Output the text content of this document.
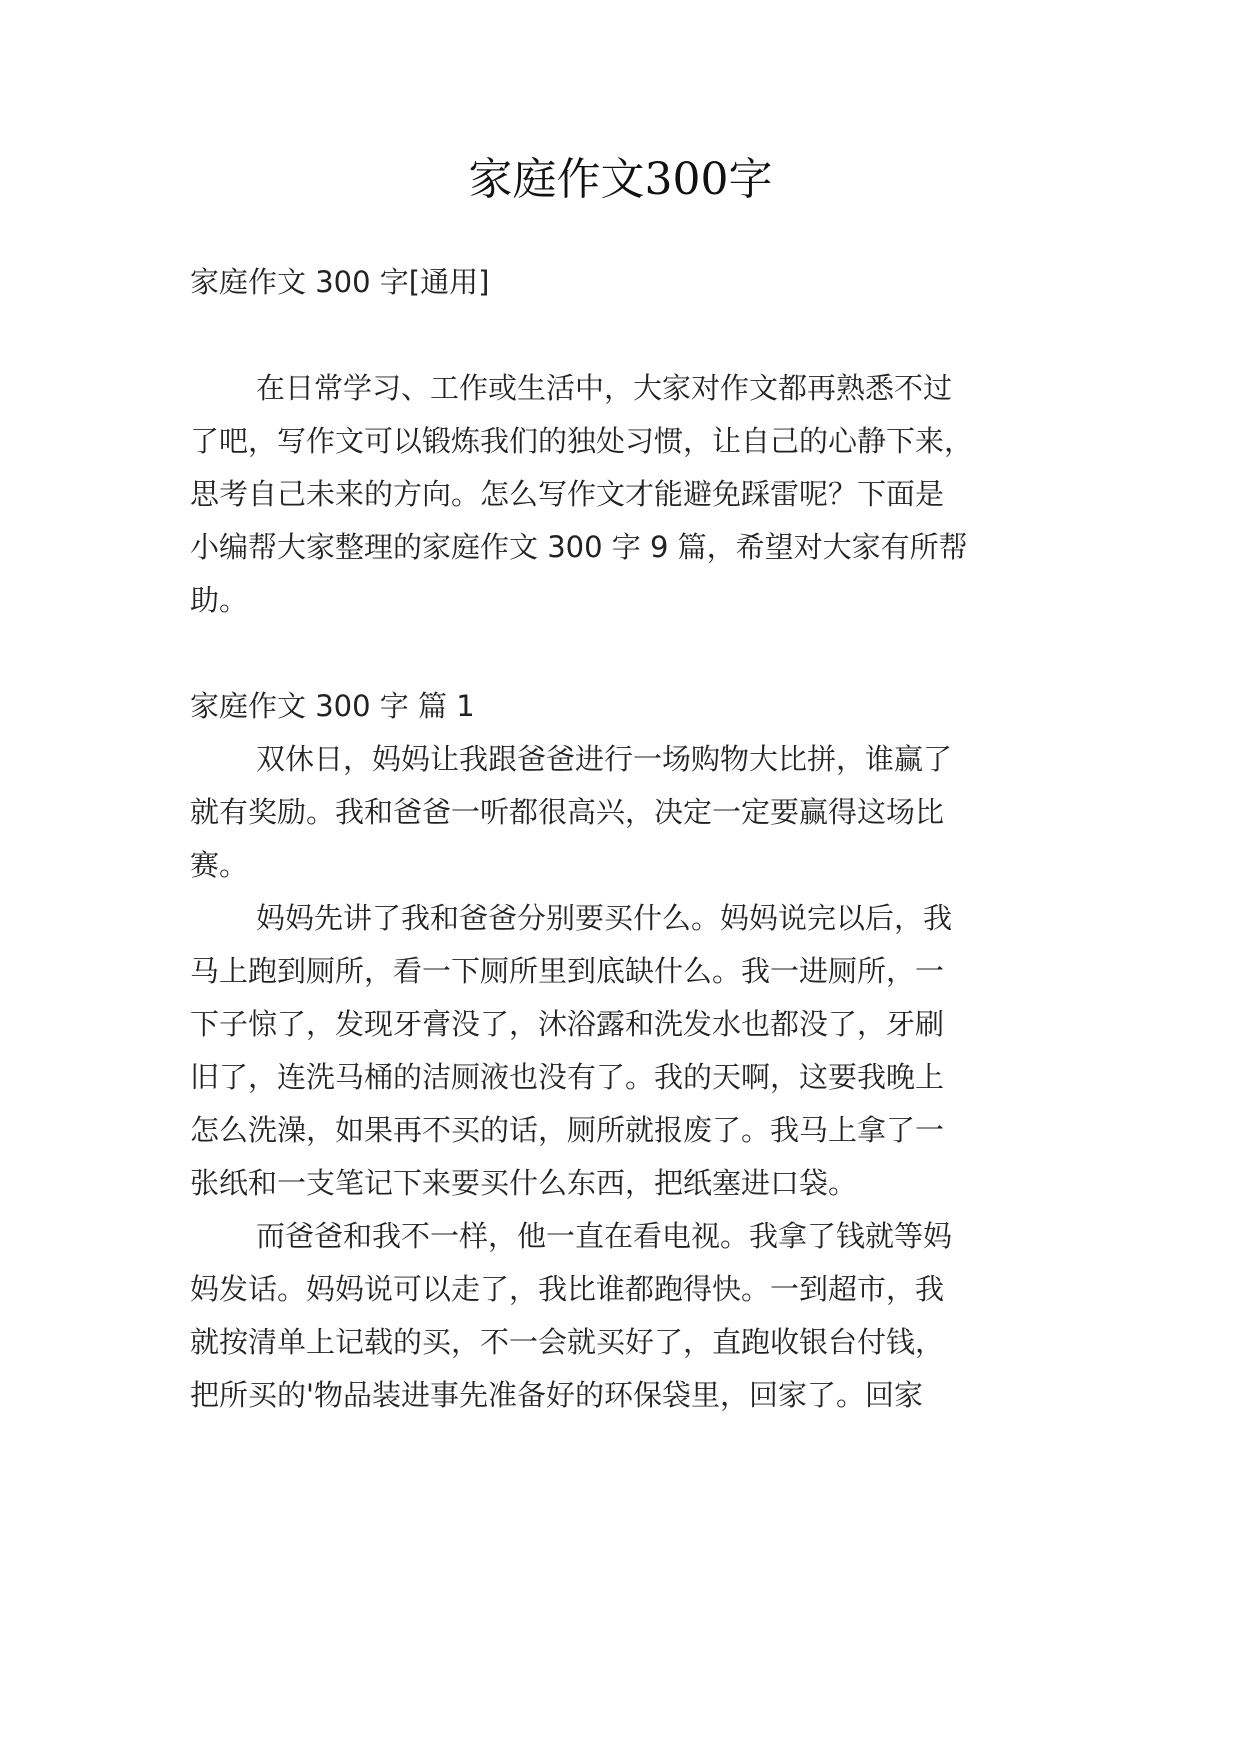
家庭作文300字

家庭作文 300 字[通用]

在日常学习、工作或生活中，大家对作文都再熟悉不过

了吧，写作文可以锻炼我们的独处习惯，让自己的心静下来，

思考自己未来的方向。怎么写作文才能避免踩雷呢？下面是

小编帮大家整理的家庭作文 300 字 9 篇，希望对大家有所帮

助。

家庭作文 300 字 篇 1

双休日，妈妈让我跟爸爸进行一场购物大比拼，谁赢了

就有奖励。我和爸爸一听都很高兴，决定一定要赢得这场比

赛。

妈妈先讲了我和爸爸分别要买什么。妈妈说完以后，我

马上跑到厕所，看一下厕所里到底缺什么。我一进厕所，一

下子惊了，发现牙膏没了，沐浴露和洗发水也都没了，牙刷

旧了，连洗马桶的洁厕液也没有了。我的天啊，这要我晚上

怎么洗澡，如果再不买的话，厕所就报废了。我马上拿了一

张纸和一支笔记下来要买什么东西，把纸塞进口袋。

而爸爸和我不一样，他一直在看电视。我拿了钱就等妈

妈发话。妈妈说可以走了，我比谁都跑得快。一到超市，我

就按清单上记载的买，不一会就买好了，直跑收银台付钱，

把所买的'物品装进事先准备好的环保袋里，回家了。回家
